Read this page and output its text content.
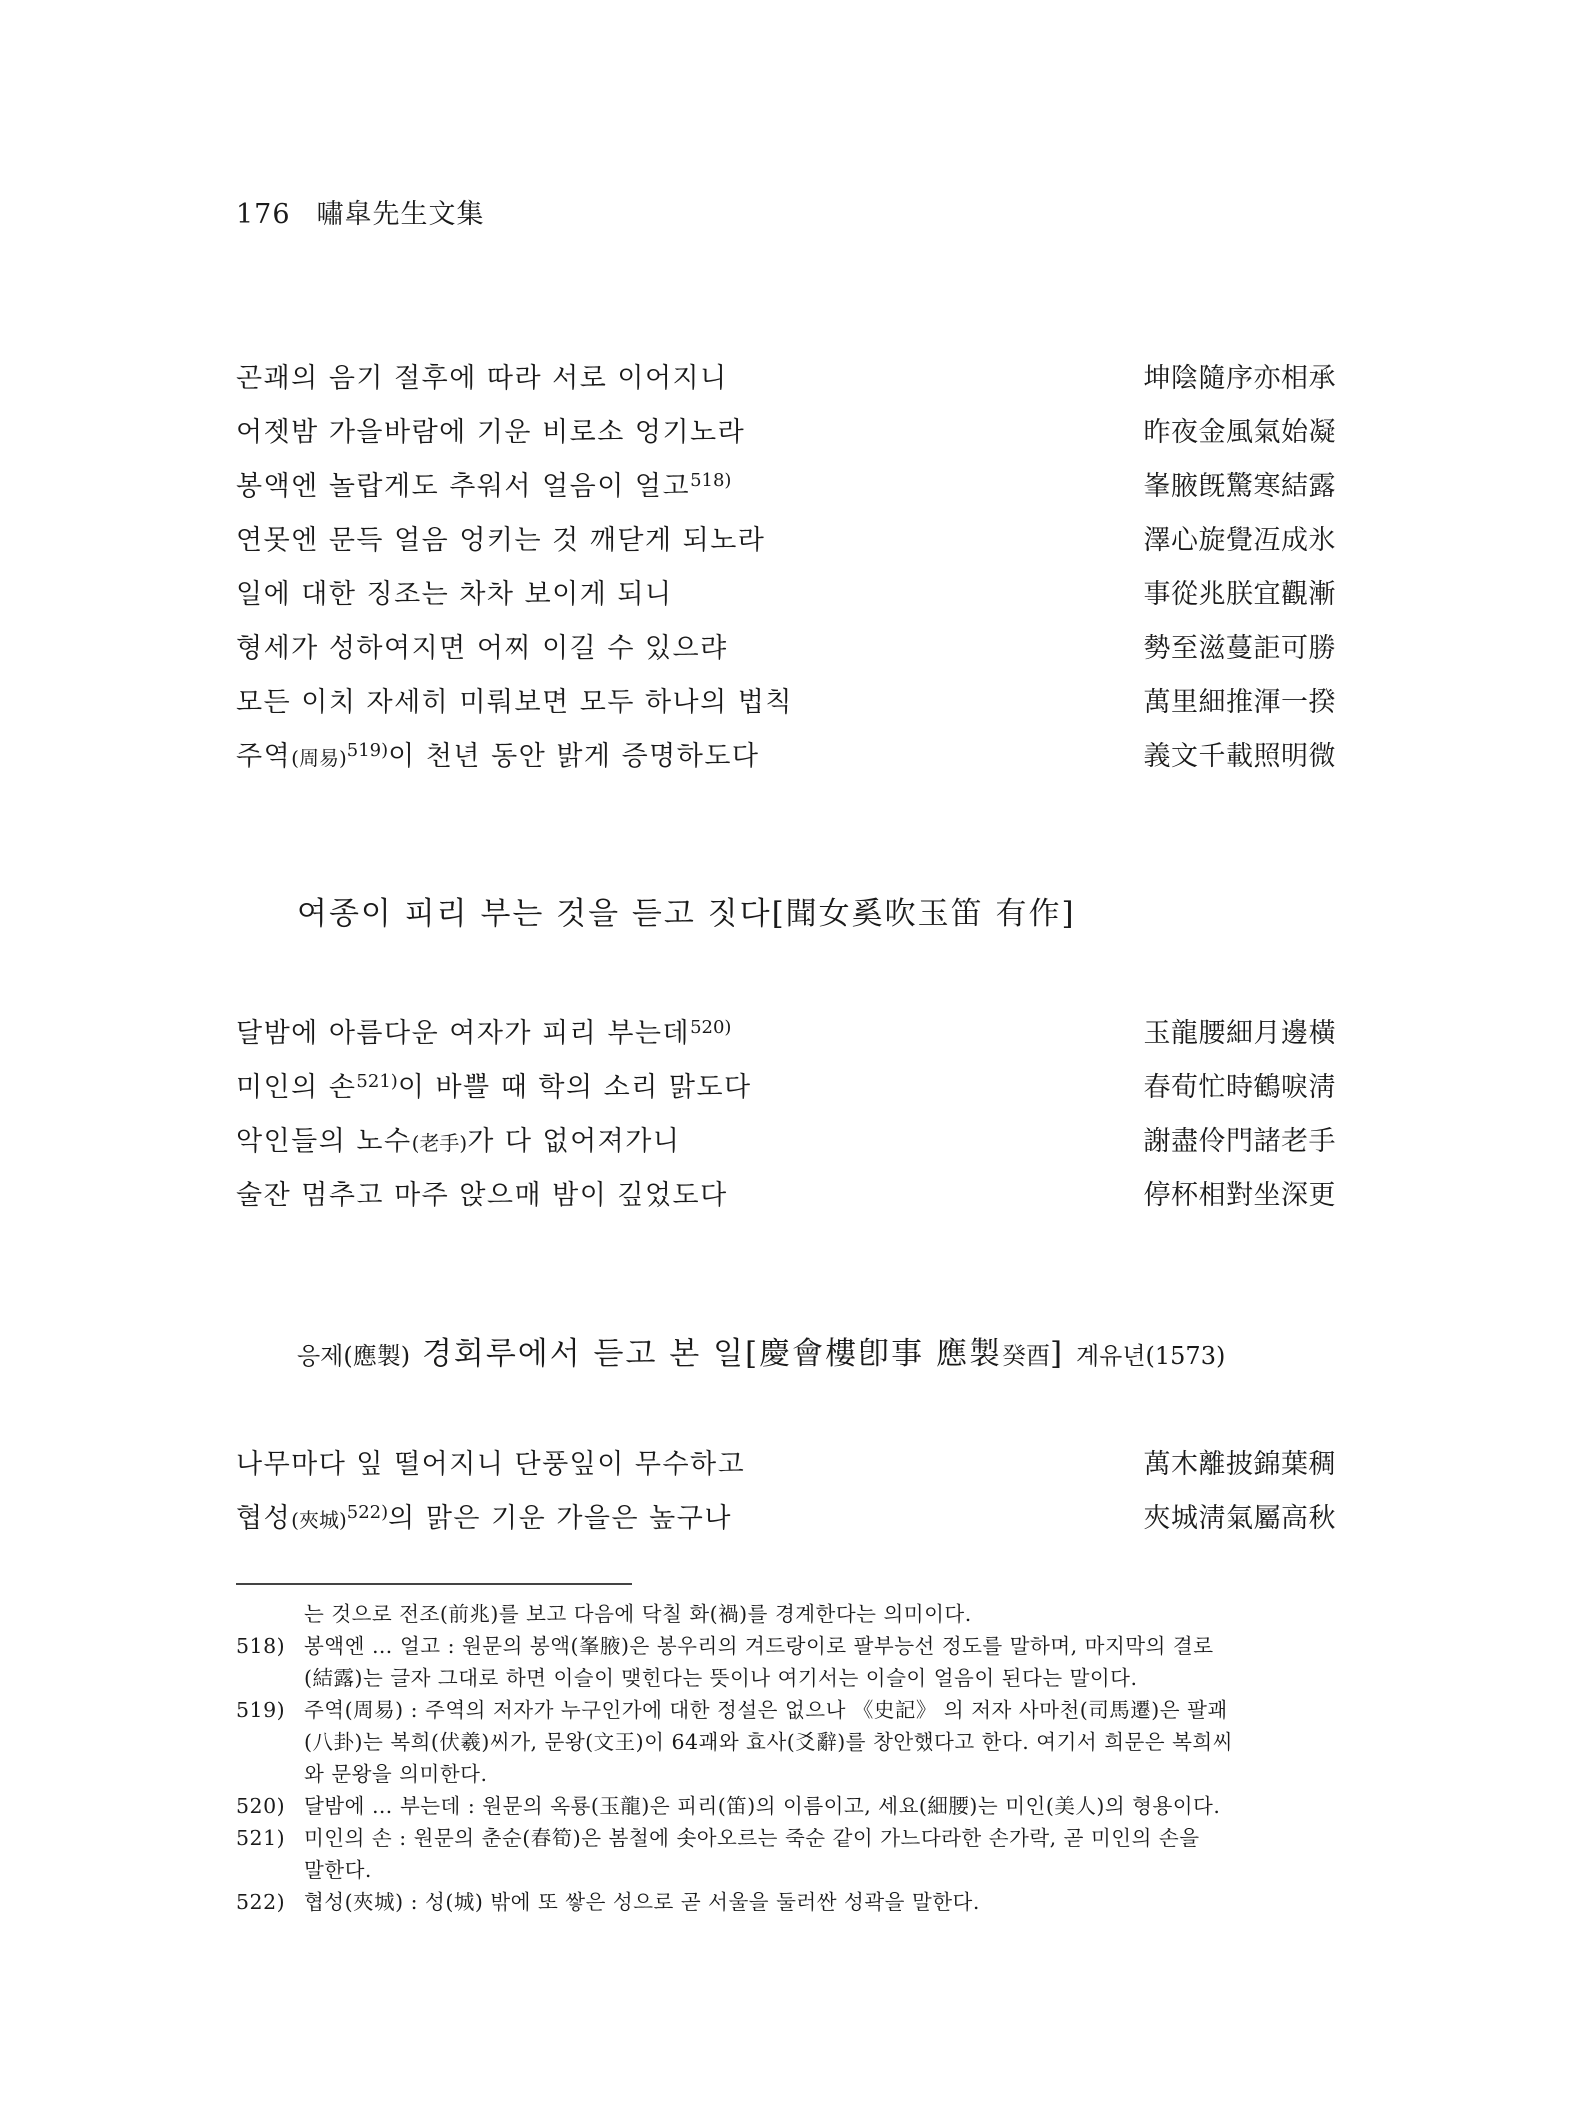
176 嘯皐先生文集
곤괘의 음기 절후에 따라 서로 이어지니	坤陰隨序亦相承
어젯밤 가을바람에 기운 비로소 엉기노라	昨夜金風氣始凝
봉액엔 놀랍게도 추워서 얼음이 얼고$^{518)}$	峯腋旣驚寒結露
연못엔 문득 얼음 엉키는 것 깨닫게 되노라	澤心旋覺冱成氷
일에 대한 징조는 차차 보이게 되니	事從兆朕宜觀漸
형세가 성하여지면 어찌 이길 수 있으랴	勢至滋蔓詎可勝
모든 이치 자세히 미뤄보면 모두 하나의 법칙	萬里細推渾一揆
주역(周易)$^{519)}$이 천년 동안 밝게 증명하도다	義文千載照明微
여종이 피리 부는 것을 듣고 짓다[聞女奚吹玉笛 有作]
달밤에 아름다운 여자가 피리 부는데$^{520)}$	玉龍腰細月邊橫
미인의 손$^{521)}$이 바쁠 때 학의 소리 맑도다	春荀忙時鶴唳淸
악인들의 노수(老手)가 다 없어져가니	謝盡伶門諸老手
술잔 멈추고 마주 앉으매 밤이 깊었도다	停杯相對坐深更
응제(應製) 경회루에서 듣고 본 일[慶會樓卽事 應製癸酉] 계유년(1573)
나무마다 잎 떨어지니 단풍잎이 무수하고	萬木離披錦葉稠
협성(夾城)$^{522)}$의 맑은 기운 가을은 높구나	夾城淸氣屬高秋
는 것으로 전조(前兆)를 보고 다음에 닥칠 화(禍)를 경계한다는 의미이다.
518) 봉액엔 … 얼고 : 원문의 봉액(峯腋)은 봉우리의 겨드랑이로 팔부능선 정도를 말하며, 마지막의 결로
(結露)는 글자 그대로 하면 이슬이 맺힌다는 뜻이나 여기서는 이슬이 얼음이 된다는 말이다.
519) 주역(周易) : 주역의 저자가 누구인가에 대한 정설은 없으나 《史記》 의 저자 사마천(司馬遷)은 팔괘
(八卦)는 복희(伏羲)씨가, 문왕(文王)이 64괘와 효사(爻辭)를 창안했다고 한다. 여기서 희문은 복희씨
와 문왕을 의미한다.
520) 달밤에 … 부는데 : 원문의 옥룡(玉龍)은 피리(笛)의 이름이고, 세요(細腰)는 미인(美人)의 형용이다.
521) 미인의 손 : 원문의 춘순(春筍)은 봄철에 솟아오르는 죽순 같이 가느다라한 손가락, 곧 미인의 손을
말한다.
522) 협성(夾城) : 성(城) 밖에 또 쌓은 성으로 곧 서울을 둘러싼 성곽을 말한다.
